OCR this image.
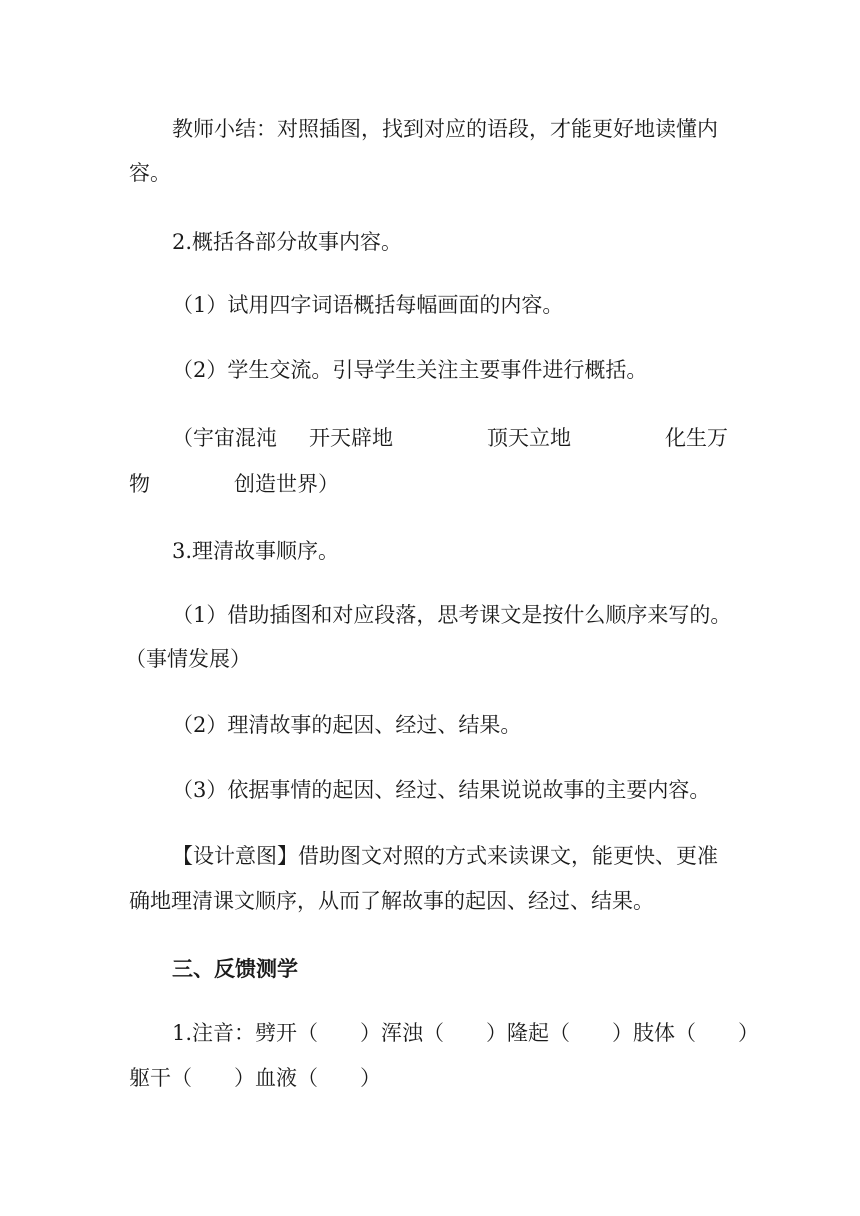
教师小结：对照插图，找到对应的语段，才能更好地读懂内
容。
2.概括各部分故事内容。
（1）试用四字词语概括每幅画面的内容。
（2）学生交流。引导学生关注主要事件进行概括。
（宇宙混沌	开天辟地	顶天立地	化生万
物	创造世界）
3.理清故事顺序。
（1）借助插图和对应段落，思考课文是按什么顺序来写的。
（事情发展）
（2）理清故事的起因、经过、结果。
（3）依据事情的起因、经过、结果说说故事的主要内容。
【设计意图】借助图文对照的方式来读课文，能更快、更准
确地理清课文顺序，从而了解故事的起因、经过、结果。
三、反馈测学
1.注音：劈开（　　）浑浊（　　）隆起（　　）肢体（　　）
躯干（　　）血液（　　）
